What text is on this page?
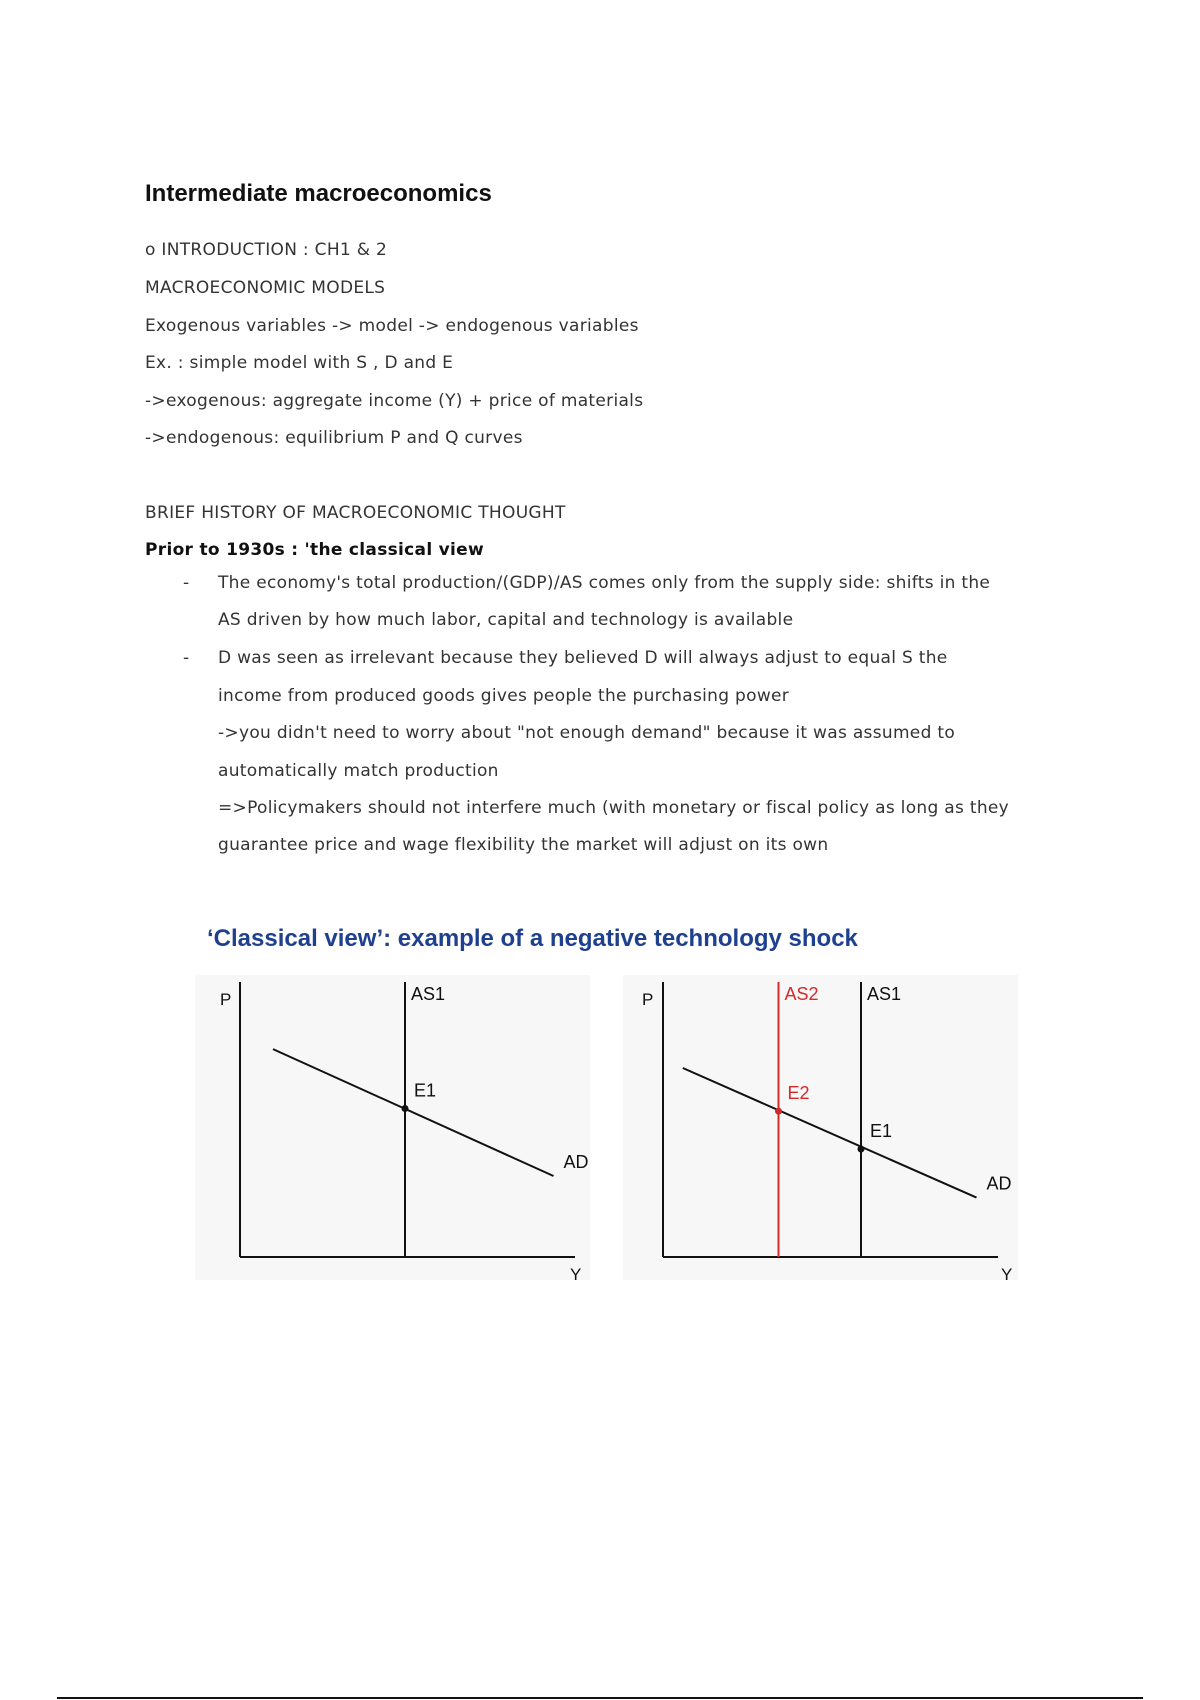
Intermediate macroeconomics
o INTRODUCTION : CH1 & 2
MACROECONOMIC MODELS
Exogenous variables -> model -> endogenous variables
Ex. : simple model with S , D and E
->exogenous: aggregate income (Y) + price of materials
->endogenous: equilibrium P and Q curves
BRIEF HISTORY OF MACROECONOMIC THOUGHT
Prior to 1930s : 'the classical view
- The economy's total production/(GDP)/AS comes only from the supply side: shifts in the
AS driven by how much labor, capital and technology is available
- D was seen as irrelevant because they believed D will always adjust to equal S the
income from produced goods gives people the purchasing power
->you didn't need to worry about "not enough demand" because it was assumed to
automatically match production
=>Policymakers should not interfere much (with monetary or fiscal policy as long as they
guarantee price and wage flexibility the market will adjust on its own
‘Classical view’: example of a negative technology shock
P
Y
AS1
AD
E1
P
Y
AS2	AS1
AD
E2
E1
